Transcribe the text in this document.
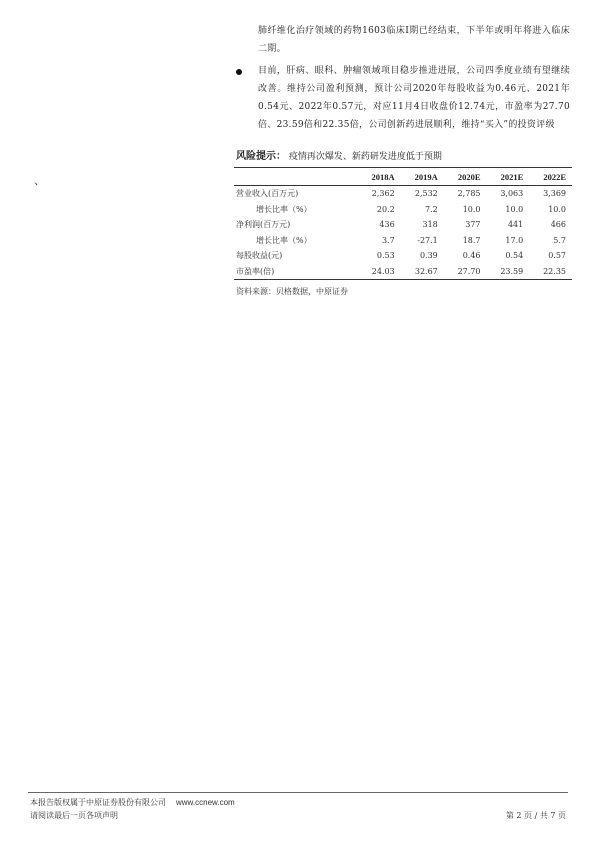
肺纤维化治疗领域的药物1603临床Ⅰ期已经结束，下半年或明年将进入临床二期。
目前，肝病、眼科、肿瘤领域项目稳步推进进展，公司四季度业绩有望继续改善。维持公司盈利预测，预计公司2020年每股收益为0.46元、2021年0.54元、2022年0.57元，对应11月4日收盘价12.74元，市盈率为27.70倍、23.59倍和22.35倍，公司创新药进展顺利，维持“买入”的投资评级
、
风险提示： 疫情再次爆发、新药研发进度低于预期
	2018A	2019A	2020E	2021E	2022E
营业收入(百万元)	2,362	2,532	2,785	3,063	3,369
增长比率（%）	20.2	7.2	10.0	10.0	10.0
净利润(百万元)	436	318	377	441	466
增长比率（%）	3.7	-27.1	18.7	17.0	5.7
每股收益(元)	0.53	0.39	0.46	0.54	0.57
市盈率(倍)	24.03	32.67	27.70	23.59	22.35
资料来源：贝格数据，中原证券
本报告版权属于中原证券股份有限公司 www.ccnew.com
请阅读最后一页各项声明	第 2 页 / 共 7 页
